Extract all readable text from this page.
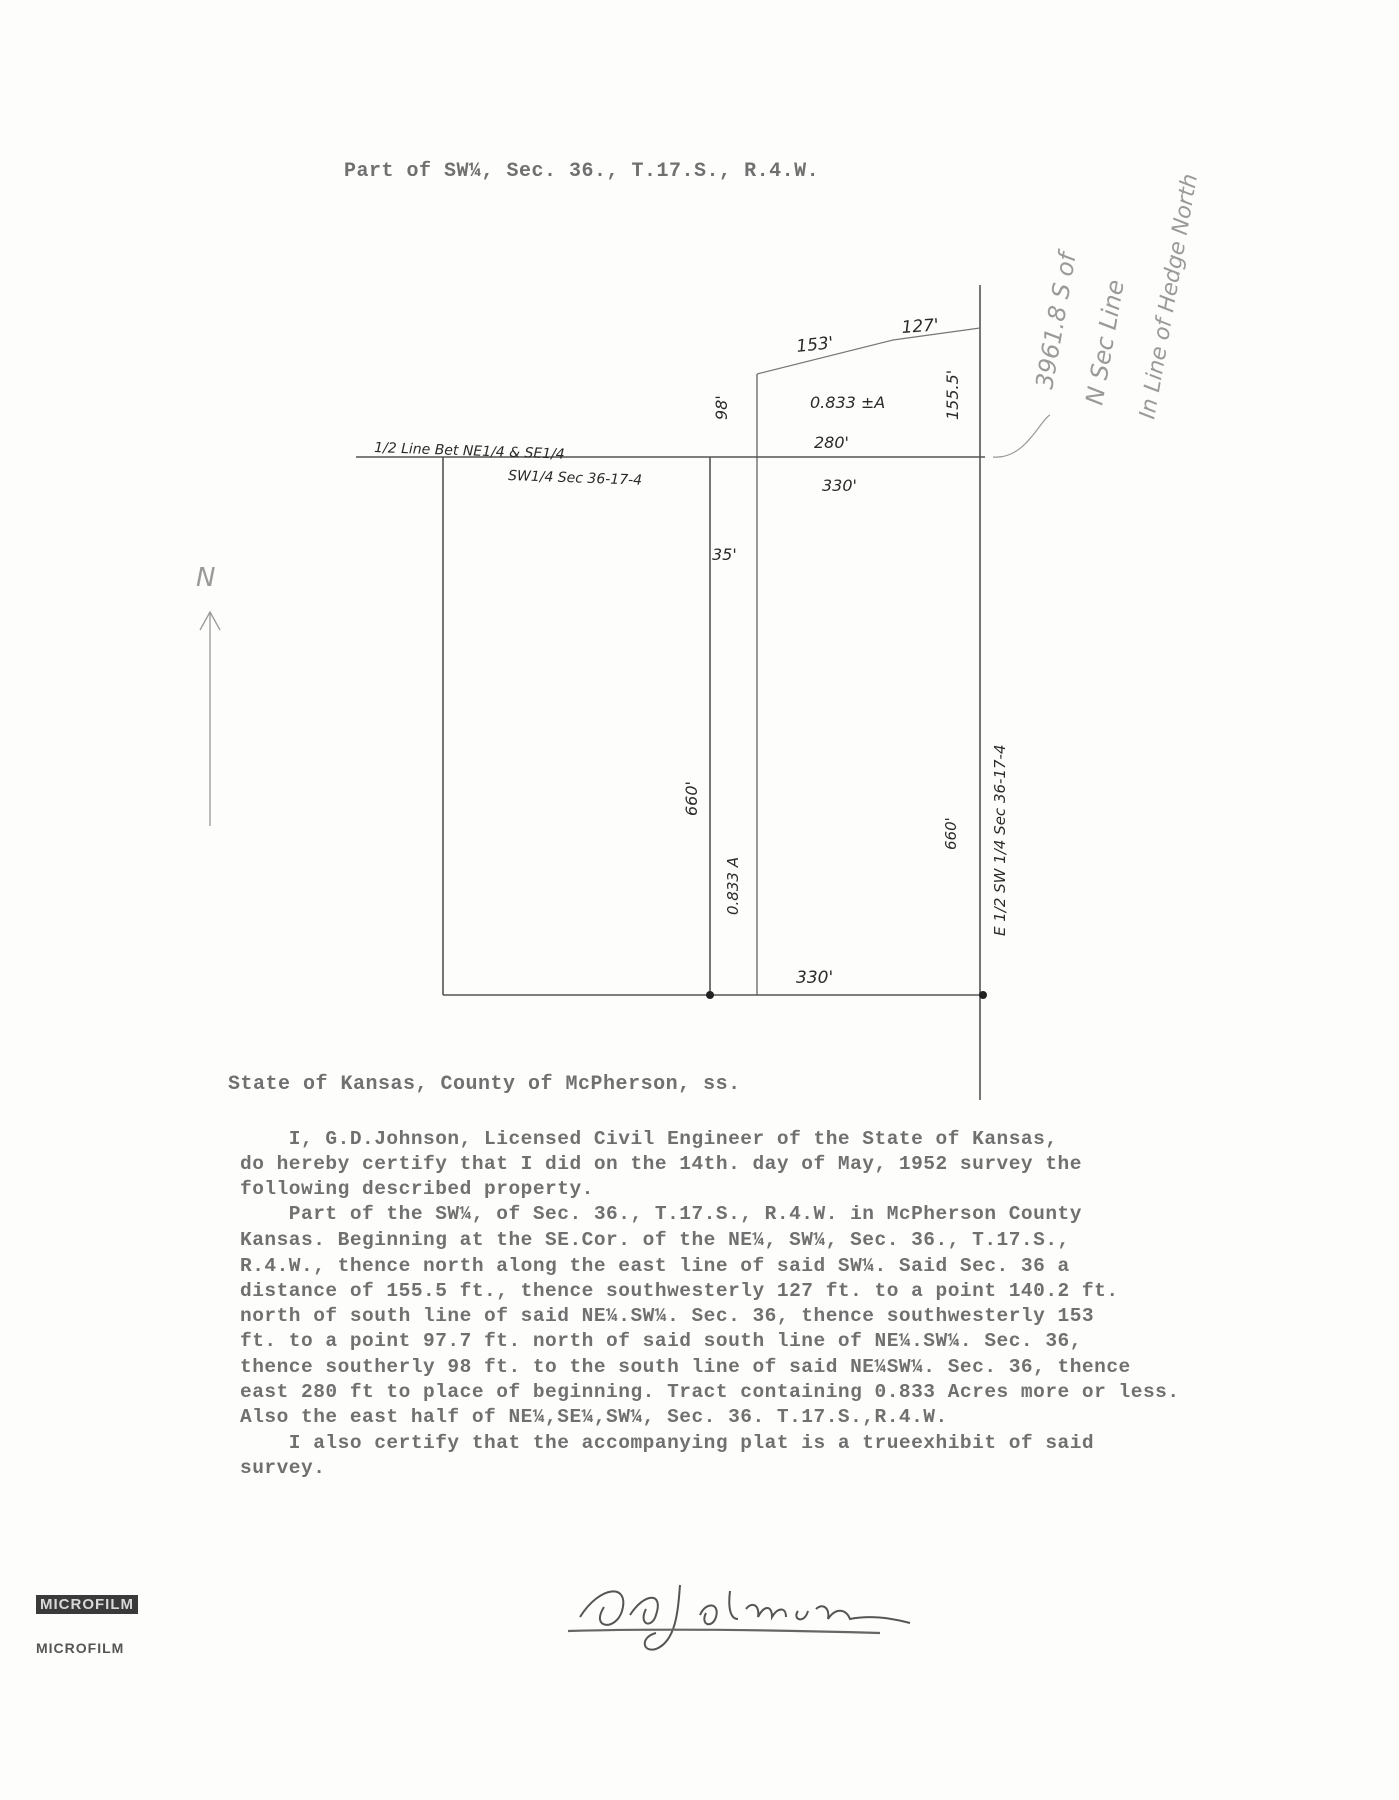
Part of SW¼, Sec. 36., T.17.S., R.4.W.
N
153'
127'
0.833 ±A	155.5'
98'
1/2 Line Bet NE1/4 & SE1/4
SW1/4 Sec 36-17-4
280'
330'
35'
660'
0.833 A
660' E 1/2 SW 1/4 Sec 36-17-4
330'
3961.8 S of
N Sec Line In Line of Hedge North
State of Kansas, County of McPherson, ss.
I, G.D.Johnson, Licensed Civil Engineer of the State of Kansas,
do hereby certify that I did on the 14th. day of May, 1952 survey the
following described property.
Part of the SW¼, of Sec. 36., T.17.S., R.4.W. in McPherson County
Kansas. Beginning at the SE.Cor. of the NE¼, SW¼, Sec. 36., T.17.S.,
R.4.W., thence north along the east line of said SW¼. Said Sec. 36 a
distance of 155.5 ft., thence southwesterly 127 ft. to a point 140.2 ft.
north of south line of said NE¼.SW¼. Sec. 36, thence southwesterly 153
ft. to a point 97.7 ft. north of said south line of NE¼.SW¼. Sec. 36,
thence southerly 98 ft. to the south line of said NE¼SW¼. Sec. 36, thence
east 280 ft to place of beginning. Tract containing 0.833 Acres more or less.
Also the east half of NE¼,SE¼,SW¼, Sec. 36. T.17.S.,R.4.W.
I also certify that the accompanying plat is a trueexhibit of said
survey.
MICROFILM
MICROFILM
